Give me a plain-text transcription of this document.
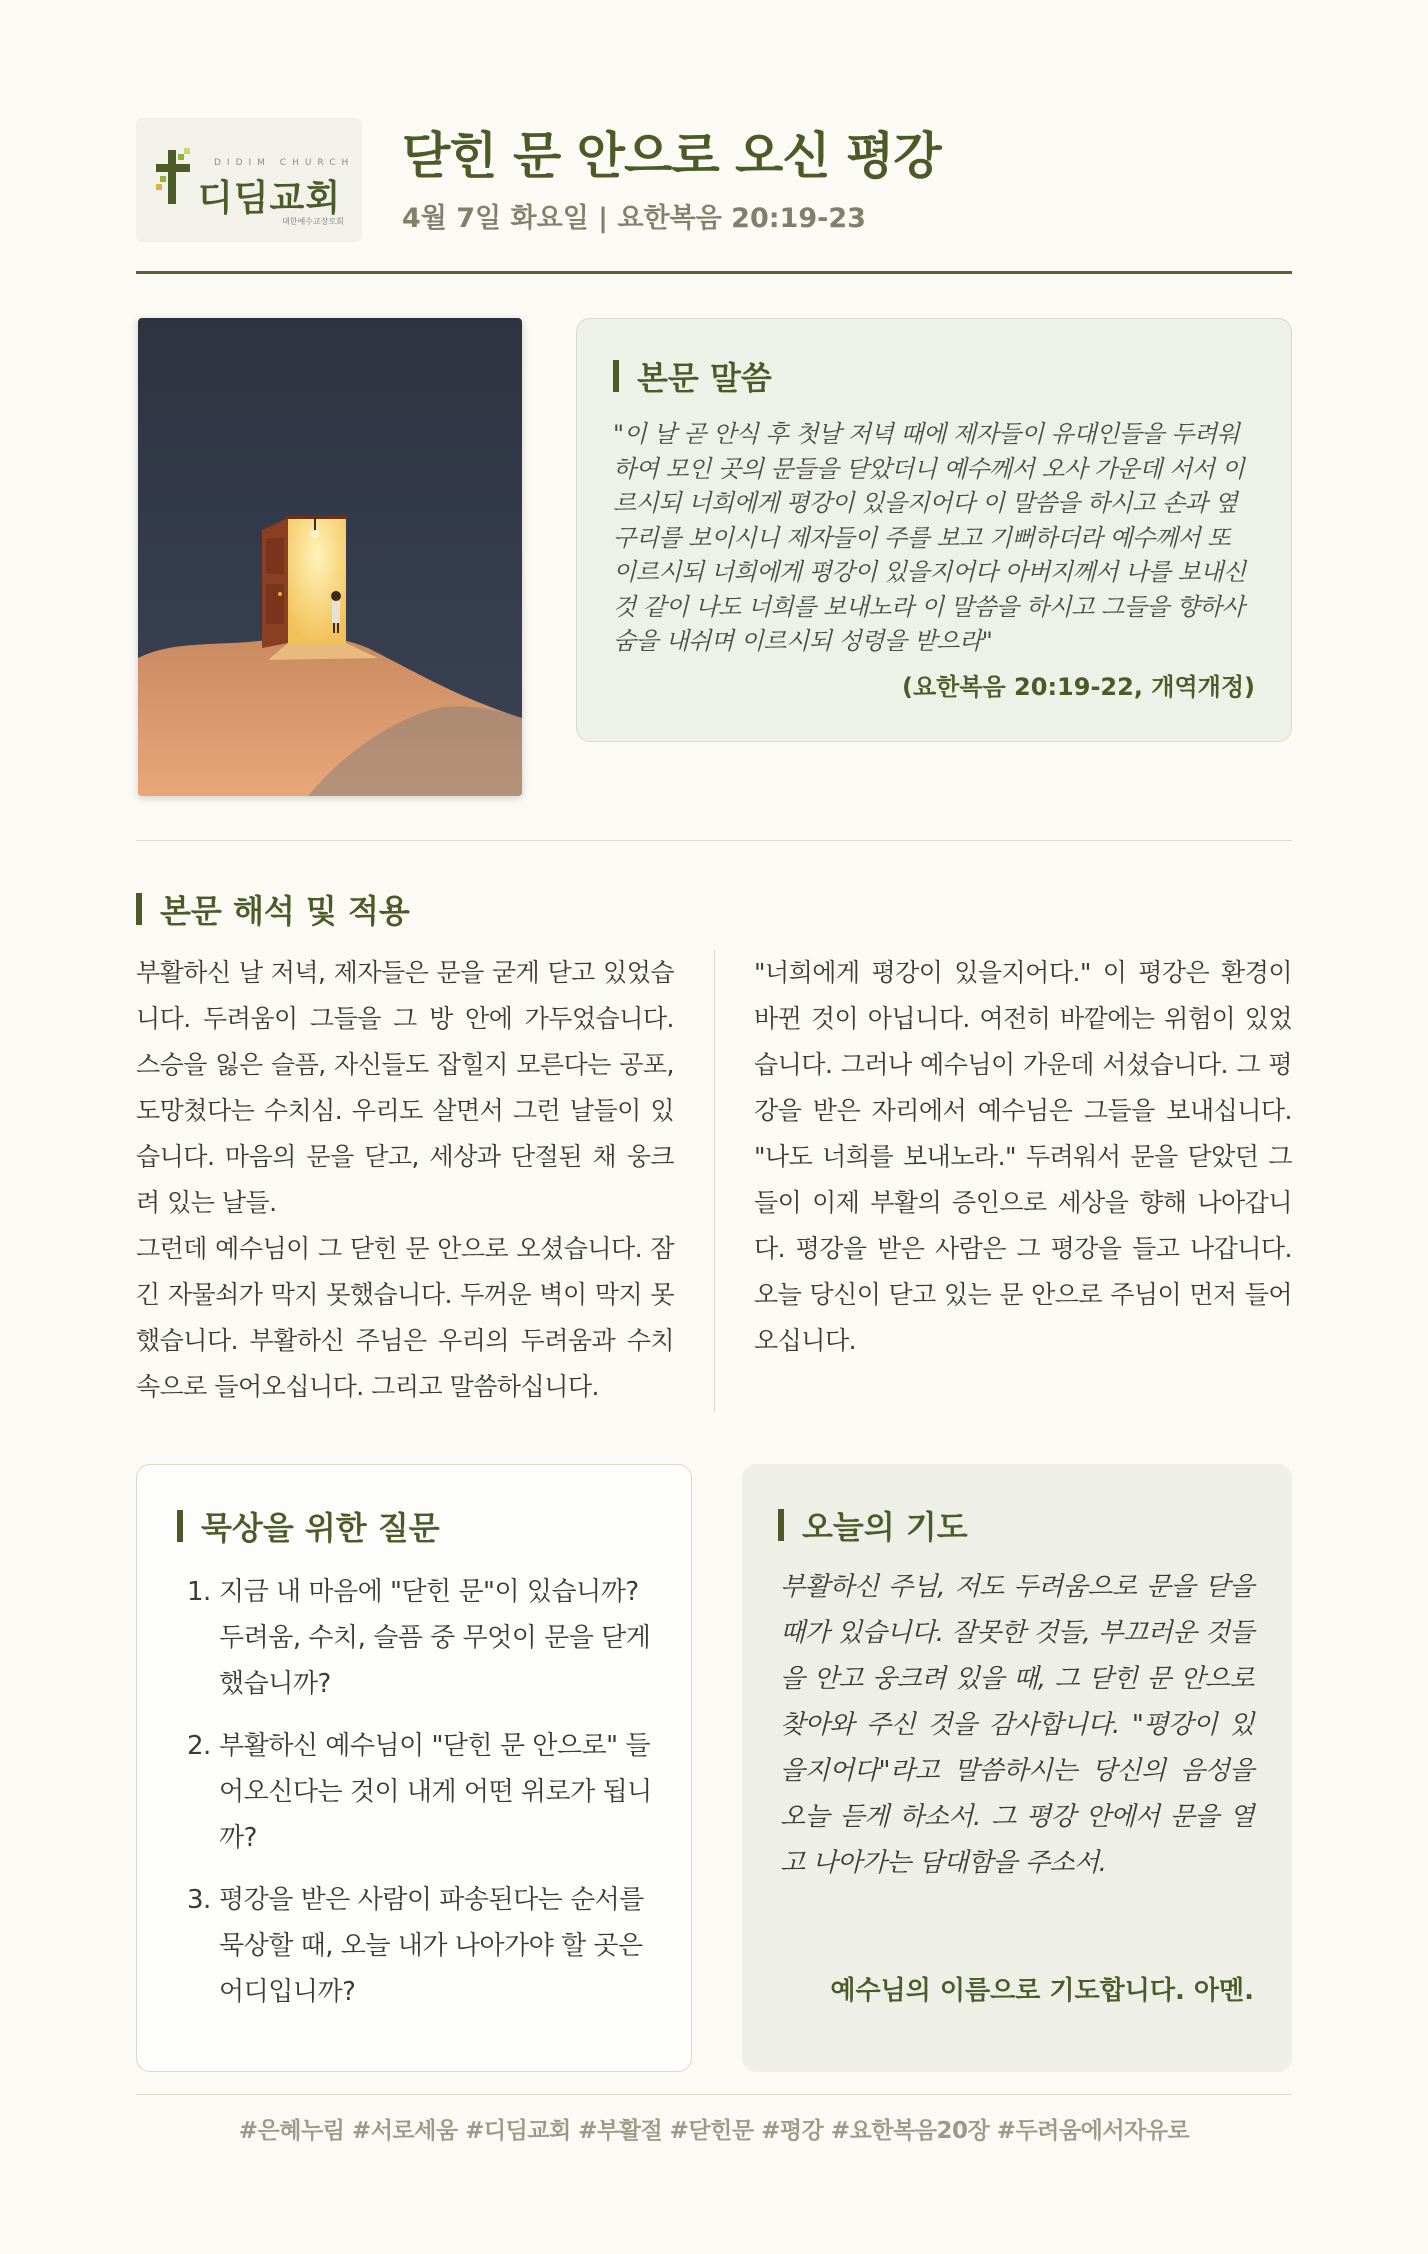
DIDIM CHURCH
디딤교회
대한예수교장로회
닫힌 문 안으로 오신 평강
4월 7일 화요일 | 요한복음 20:19-23
본문 말씀
"이 날 곧 안식 후 첫날 저녁 때에 제자들이 유대인들을 두려워하여 모인 곳의 문들을 닫았더니 예수께서 오사 가운데 서서 이르시되 너희에게 평강이 있을지어다 이 말씀을 하시고 손과 옆구리를 보이시니 제자들이 주를 보고 기뻐하더라 예수께서 또 이르시되 너희에게 평강이 있을지어다 아버지께서 나를 보내신 것 같이 나도 너희를 보내노라 이 말씀을 하시고 그들을 향하사 숨을 내쉬며 이르시되 성령을 받으라"
(요한복음 20:19-22, 개역개정)
본문 해석 및 적용

부활하신 날 저녁, 제자들은 문을 굳게 닫고 있었습니다. 두려움이 그들을 그 방 안에 가두었습니다. 스승을 잃은 슬픔, 자신들도 잡힐지 모른다는 공포, 도망쳤다는 수치심. 우리도 살면서 그런 날들이 있습니다. 마음의 문을 닫고, 세상과 단절된 채 웅크려 있는 날들.

그런데 예수님이 그 닫힌 문 안으로 오셨습니다. 잠긴 자물쇠가 막지 못했습니다. 두꺼운 벽이 막지 못했습니다. 부활하신 주님은 우리의 두려움과 수치 속으로 들어오십니다. 그리고 말씀하십니다.

"너희에게 평강이 있을지어다." 이 평강은 환경이 바뀐 것이 아닙니다. 여전히 바깥에는 위험이 있었습니다. 그러나 예수님이 가운데 서셨습니다. 그 평강을 받은 자리에서 예수님은 그들을 보내십니다. "나도 너희를 보내노라." 두려워서 문을 닫았던 그들이 이제 부활의 증인으로 세상을 향해 나아갑니다. 평강을 받은 사람은 그 평강을 들고 나갑니다. 오늘 당신이 닫고 있는 문 안으로 주님이 먼저 들어오십니다.

묵상을 위한 질문
1. 지금 내 마음에 "닫힌 문"이 있습니까? 두려움, 수치, 슬픔 중 무엇이 문을 닫게 했습니까?
2. 부활하신 예수님이 "닫힌 문 안으로" 들어오신다는 것이 내게 어떤 위로가 됩니까?
3. 평강을 받은 사람이 파송된다는 순서를 묵상할 때, 오늘 내가 나아가야 할 곳은 어디입니까?
오늘의 기도
부활하신 주님, 저도 두려움으로 문을 닫을 때가 있습니다. 잘못한 것들, 부끄러운 것들을 안고 웅크려 있을 때, 그 닫힌 문 안으로 찾아와 주신 것을 감사합니다. "평강이 있을지어다"라고 말씀하시는 당신의 음성을 오늘 듣게 하소서. 그 평강 안에서 문을 열고 나아가는 담대함을 주소서.
예수님의 이름으로 기도합니다. 아멘.
#은혜누림 #서로세움 #디딤교회 #부활절 #닫힌문 #평강 #요한복음20장 #두려움에서자유로
